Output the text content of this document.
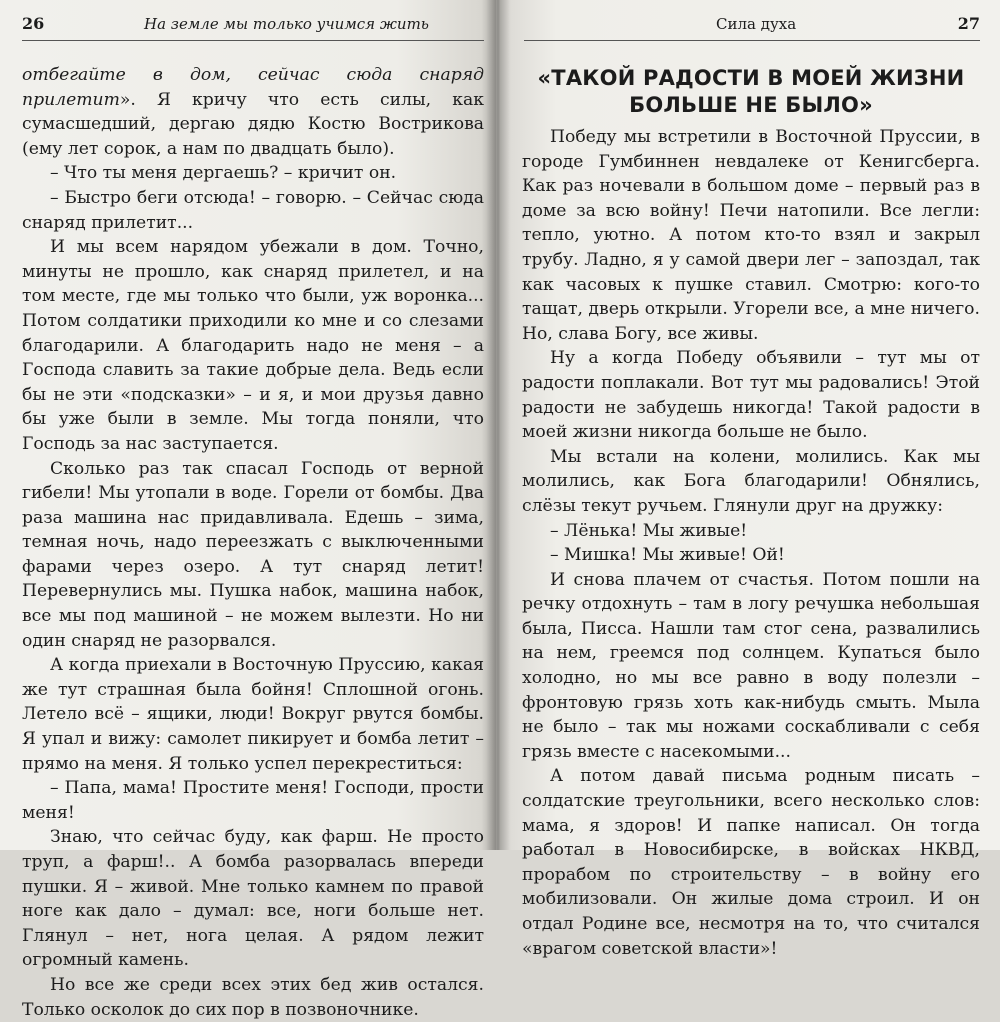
26	На земле мы только учимся жить

отбегайте в дом, сейчас сюда снаряд прилетит». Я кричу что есть силы, как сумасшедший, дергаю дядю Костю Вострикова (ему лет сорок, а нам по двадцать было).

– Что ты меня дергаешь? – кричит он.

– Быстро беги отсюда! – говорю. – Сейчас сюда снаряд прилетит...

И мы всем нарядом убежали в дом. Точно, минуты не прошло, как снаряд прилетел, и на том месте, где мы только что были, уж воронка... Потом солдатики приходили ко мне и со слезами благодарили. А благодарить надо не меня – а Господа славить за такие добрые дела. Ведь если бы не эти «подсказки» – и я, и мои друзья давно бы уже были в земле. Мы тогда поняли, что Господь за нас заступается.

Сколько раз так спасал Господь от верной гибели! Мы утопали в воде. Горели от бомбы. Два раза машина нас придавливала. Едешь – зима, темная ночь, надо переезжать с выключенными фарами через озеро. А тут снаряд летит! Перевернулись мы. Пушка набок, машина набок, все мы под машиной – не можем вылезти. Но ни один снаряд не разорвался.

А когда приехали в Восточную Пруссию, какая же тут страшная была бойня! Сплошной огонь. Летело всё – ящики, люди! Вокруг рвутся бомбы. Я упал и вижу: самолет пикирует и бомба летит – прямо на меня. Я только успел перекреститься:

– Папа, мама! Простите меня! Господи, прости меня!

Знаю, что сейчас буду, как фарш. Не просто труп, а фарш!.. А бомба разорвалась впереди пушки. Я – живой. Мне только камнем по правой ноге как дало – думал: все, ноги больше нет. Глянул – нет, нога целая. А рядом лежит огромный камень.

Но все же среди всех этих бед жив остался. Только осколок до сих пор в позвоночнике.

Сила духа	27
«ТАКОЙ РАДОСТИ В МОЕЙ ЖИЗНИ БОЛЬШЕ НЕ БЫЛО»

Победу мы встретили в Восточной Пруссии, в городе Гумбиннен невдалеке от Кенигсберга. Как раз ночевали в большом доме – первый раз в доме за всю войну! Печи натопили. Все легли: тепло, уютно. А потом кто-то взял и закрыл трубу. Ладно, я у самой двери лег – запоздал, так как часовых к пушке ставил. Смотрю: кого-то тащат, дверь открыли. Угорели все, а мне ничего. Но, слава Богу, все живы.

Ну а когда Победу объявили – тут мы от радости поплакали. Вот тут мы радовались! Этой радости не забудешь никогда! Такой радости в моей жизни никогда больше не было.

Мы встали на колени, молились. Как мы молились, как Бога благодарили! Обнялись, слёзы текут ручьем. Глянули друг на дружку:

– Лёнька! Мы живые!

– Мишка! Мы живые! Ой!

И снова плачем от счастья. Потом пошли на речку отдохнуть – там в логу речушка небольшая была, Писса. Нашли там стог сена, развалились на нем, греемся под солнцем. Купаться было холодно, но мы все равно в воду полезли – фронтовую грязь хоть как-нибудь смыть. Мыла не было – так мы ножами соскабливали с себя грязь вместе с насекомыми...

А потом давай письма родным писать – солдатские треугольники, всего несколько слов: мама, я здоров! И папке написал. Он тогда работал в Новосибирске, в войсках НКВД, прорабом по строительству – в войну его мобилизовали. Он жилые дома строил. И он отдал Родине все, несмотря на то, что считался «врагом советской власти»!
